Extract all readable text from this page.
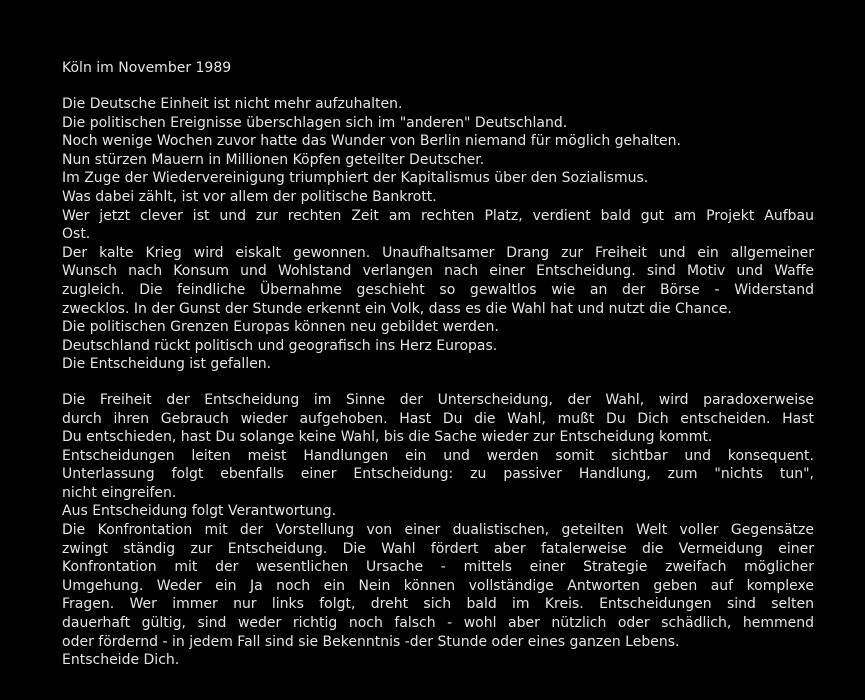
Köln im November 1989
Die Deutsche Einheit ist nicht mehr aufzuhalten.
Die politischen Ereignisse überschlagen sich im "anderen" Deutschland.
Noch wenige Wochen zuvor hatte das Wunder von Berlin niemand für möglich gehalten.
Nun stürzen Mauern in Millionen Köpfen geteilter Deutscher.
Im Zuge der Wiedervereinigung triumphiert der Kapitalismus über den Sozialismus.
Was dabei zählt, ist vor allem der politische Bankrott.
Wer jetzt clever ist und zur rechten Zeit am rechten Platz, verdient bald gut am Projekt Aufbau
Ost.
Der kalte Krieg wird eiskalt gewonnen. Unaufhaltsamer Drang zur Freiheit und ein allgemeiner
Wunsch nach Konsum und Wohlstand verlangen nach einer Entscheidung. sind Motiv und Waffe
zugleich. Die feindliche Übernahme geschieht so gewaltlos wie an der Börse - Widerstand
zwecklos. In der Gunst der Stunde erkennt ein Volk, dass es die Wahl hat und nutzt die Chance.
Die politischen Grenzen Europas können neu gebildet werden.
Deutschland rückt politisch und geografisch ins Herz Europas.
Die Entscheidung ist gefallen.
Die Freiheit der Entscheidung im Sinne der Unterscheidung, der Wahl, wird paradoxerweise
durch ihren Gebrauch wieder aufgehoben. Hast Du die Wahl, mußt Du Dich entscheiden. Hast
Du entschieden, hast Du solange keine Wahl, bis die Sache wieder zur Entscheidung kommt.
Entscheidungen leiten meist Handlungen ein und werden somit sichtbar und konsequent.
Unterlassung folgt ebenfalls einer Entscheidung: zu passiver Handlung, zum "nichts tun",
nicht eingreifen.
Aus Entscheidung folgt Verantwortung.
Die Konfrontation mit der Vorstellung von einer dualistischen, geteilten Welt voller Gegensätze
zwingt ständig zur Entscheidung. Die Wahl fördert aber fatalerweise die Vermeidung einer
Konfrontation mit der wesentlichen Ursache - mittels einer Strategie zweifach möglicher
Umgehung. Weder ein Ja noch ein Nein können vollständige Antworten geben auf komplexe
Fragen. Wer immer nur links folgt, dreht sich bald im Kreis. Entscheidungen sind selten
dauerhaft gültig, sind weder richtig noch falsch - wohl aber nützlich oder schädlich, hemmend
oder fördernd - in jedem Fall sind sie Bekenntnis -der Stunde oder eines ganzen Lebens.
Entscheide Dich.
